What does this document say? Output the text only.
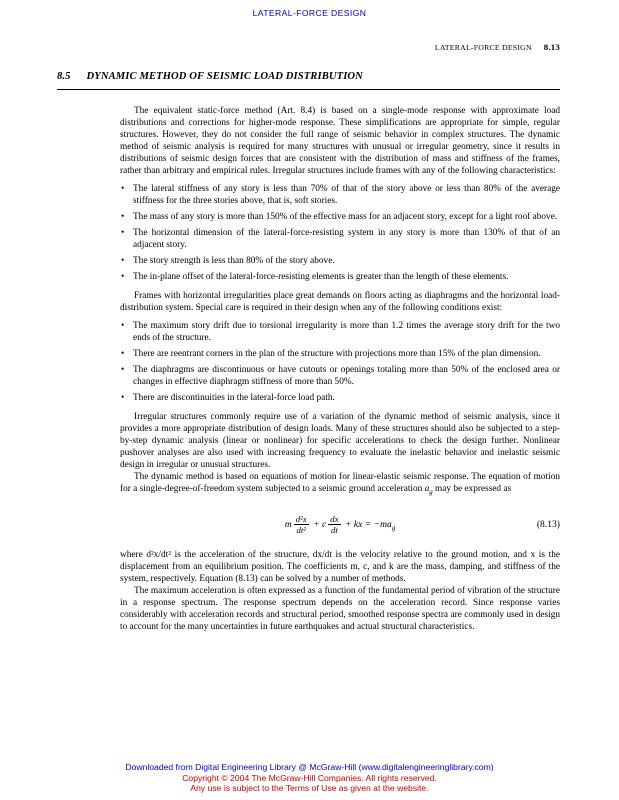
LATERAL-FORCE DESIGN
LATERAL-FORCE DESIGN 8.13
8.5 DYNAMIC METHOD OF SEISMIC LOAD DISTRIBUTION

The equivalent static-force method (Art. 8.4) is based on a single-mode response with approximate load distributions and corrections for higher-mode response. These simplifications are appropriate for simple, regular structures. However, they do not consider the full range of seismic behavior in complex structures. The dynamic method of seismic analysis is required for many structures with unusual or irregular geometry, since it results in distributions of seismic design forces that are consistent with the distribution of mass and stiffness of the frames, rather than arbitrary and empirical rules. Irregular structures include frames with any of the following characteristics:

• The lateral stiffness of any story is less than 70% of that of the story above or less than 80% of the average stiffness for the three stories above, that is, soft stories.
• The mass of any story is more than 150% of the effective mass for an adjacent story, except for a light roof above.
• The horizontal dimension of the lateral-force-resisting system in any story is more than 130% of that of an adjacent story.
• The story strength is less than 80% of the story above.
• The in-plane offset of the lateral-force-resisting elements is greater than the length of these elements.

Frames with horizontal irregularities place great demands on floors acting as diaphragms and the horizontal load-distribution system. Special care is required in their design when any of the following conditions exist:

• The maximum story drift due to torsional irregularity is more than 1.2 times the average story drift for the two ends of the structure.
• There are reentrant corners in the plan of the structure with projections more than 15% of the plan dimension.
• The diaphragms are discontinuous or have cutouts or openings totaling more than 50% of the enclosed area or changes in effective diaphragm stiffness of more than 50%.
• There are discontinuities in the lateral-force load path.

Irregular structures commonly require use of a variation of the dynamic method of seismic analysis, since it provides a more appropriate distribution of design loads. Many of these structures should also be subjected to a step-by-step dynamic analysis (linear or nonlinear) for specific accelerations to check the design further. Nonlinear pushover analyses are also used with increasing frequency to evaluate the inelastic behavior and inelastic seismic design in irregular or unusual structures.

The dynamic method is based on equations of motion for linear-elastic seismic response. The equation of motion for a single-degree-of-freedom system subjected to a seismic ground acceleration $a_g$ may be expressed as

m $\frac{\text{d²x}}{\text{dt²}} + c \frac{dx}{dt}$ + kx = $-ma_g$	(8.13)

where d²x/dt² is the acceleration of the structure, dx/dt is the velocity relative to the ground motion, and x is the displacement from an equilibrium position. The coefficients m, c, and k are the mass, damping, and stiffness of the system, respectively. Equation (8.13) can be solved by a number of methods.

The maximum acceleration is often expressed as a function of the fundamental period of vibration of the structure in a response spectrum. The response spectrum depends on the acceleration record. Since response varies considerably with acceleration records and structural period, smoothed response spectra are commonly used in design to account for the many uncertainties in future earthquakes and actual structural characteristics.

Downloaded from Digital Engineering Library @ McGraw-Hill (www.digitalengineeringlibrary.com)
Copyright © 2004 The McGraw-Hill Companies. All rights reserved.
Any use is subject to the Terms of Use as given at the website.
